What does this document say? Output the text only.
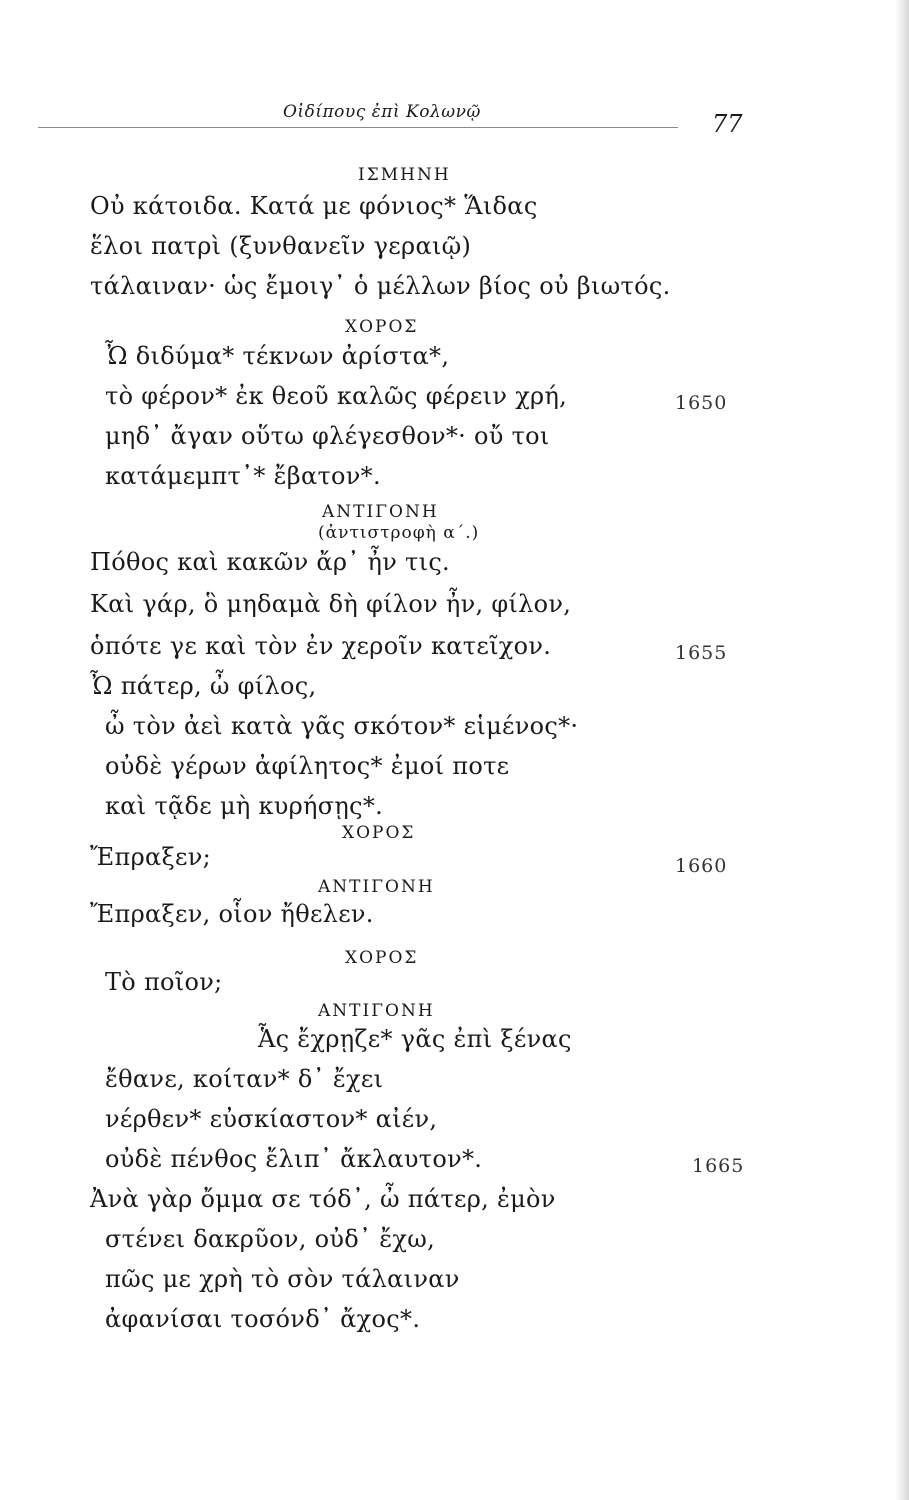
Οἰδίπους ἐπὶ Κολωνῷ	77
ΙΣΜΗΝΗ
Οὐ κάτοιδα. Κατά με φόνιος* Ἅιδας
ἕλοι πατρὶ (ξυνθανεῖν γεραιῷ)
τάλαιναν· ὡς ἔμοιγ᾽ ὁ μέλλων βίος οὐ βιωτός.
ΧΟΡΟΣ
Ὦ διδύμα* τέκνων ἀρίστα*,
τὸ φέρον* ἐκ θεοῦ καλῶς φέρειν χρή,	1650
μηδ᾽ ἄγαν οὕτω φλέγεσθον*· οὔ τοι
κατάμεμπτ᾽* ἔβατον*.
ΑΝΤΙΓΟΝΗ
(ἀντιστροφὴ α΄.)
Πόθος καὶ κακῶν ἄρ᾽ ἦν τις.
Καὶ γάρ, ὃ μηδαμὰ δὴ φίλον ἦν, φίλον,
ὁπότε γε καὶ τὸν ἐν χεροῖν κατεῖχον.	1655
Ὦ πάτερ, ὦ φίλος,
ὦ τὸν ἀεὶ κατὰ γᾶς σκότον* εἱμένος*·
οὐδὲ γέρων ἀφίλητος* ἐμοί ποτε
καὶ τᾷδε μὴ κυρήσῃς*.
ΧΟΡΟΣ
Ἔπραξεν;	1660
ΑΝΤΙΓΟΝΗ
Ἔπραξεν, οἷον ἤθελεν.
ΧΟΡΟΣ
Τὸ ποῖον;
ΑΝΤΙΓΟΝΗ
Ἇς ἔχρῃζε* γᾶς ἐπὶ ξένας
ἔθανε, κοίταν* δ᾽ ἔχει
νέρθεν* εὐσκίαστον* αἰέν,
οὐδὲ πένθος ἔλιπ᾽ ἄκλαυτον*.	1665
Ἀνὰ γὰρ ὄμμα σε τόδ᾽, ὦ πάτερ, ἐμὸν
στένει δακρῦον, οὐδ᾽ ἔχω,
πῶς με χρὴ τὸ σὸν τάλαιναν
ἀφανίσαι τοσόνδ᾽ ἄχος*.
